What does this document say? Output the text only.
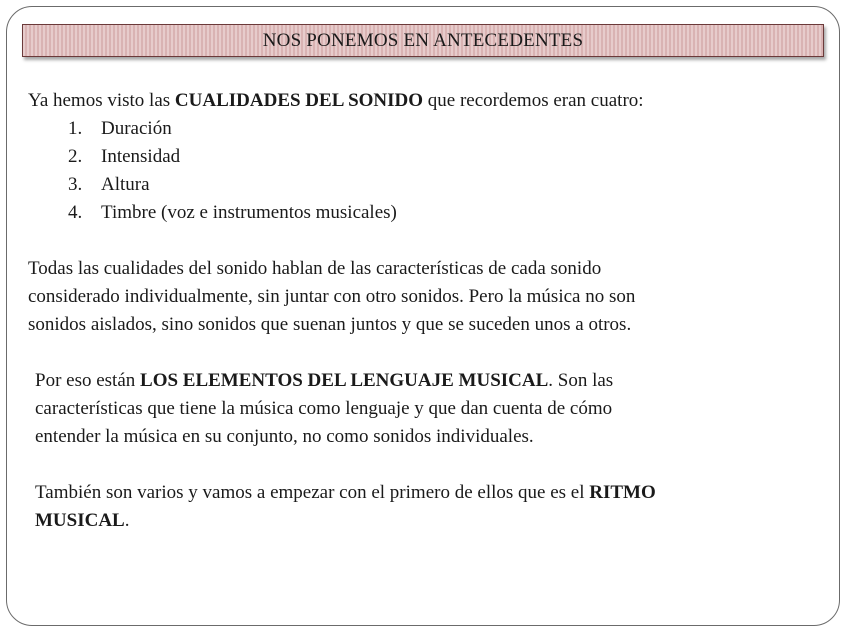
NOS PONEMOS EN ANTECEDENTES

Ya hemos visto las CUALIDADES DEL SONIDO que recordemos eran cuatro:

1. Duración
2. Intensidad
3. Altura
4. Timbre (voz e instrumentos musicales)

Todas las cualidades del sonido hablan de las características de cada sonido
considerado individualmente, sin juntar con otro sonidos. Pero la música no son
sonidos aislados, sino sonidos que suenan juntos y que se suceden unos a otros.

Por eso están LOS ELEMENTOS DEL LENGUAJE MUSICAL. Son las
características que tiene la música como lenguaje y que dan cuenta de cómo
entender la música en su conjunto, no como sonidos individuales.

También son varios y vamos a empezar con el primero de ellos que es el RITMO
MUSICAL.
